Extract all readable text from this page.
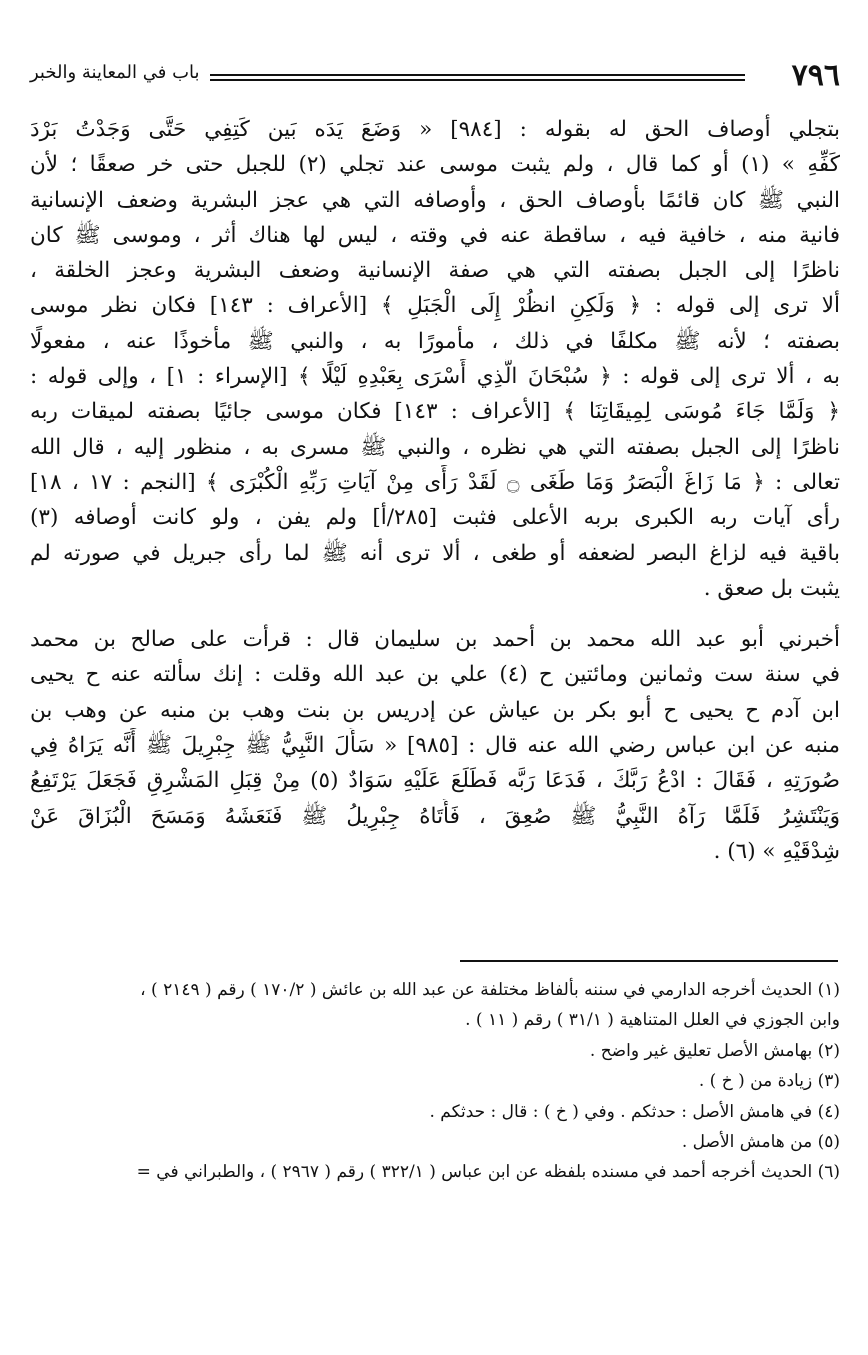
٧٩٦
باب في المعاينة والخبر
بتجلي أوصاف الحق له بقوله : [٩٨٤] « وَضَعَ يَدَه بَين كَتِفِي حَتَّى وَجَدْتُ بَرْدَ
كَفِّهِ » (١) أو كما قال ، ولم يثبت موسى عند تجلي (٢) للجبل حتى خر صعقًا ؛ لأن
النبي ﷺ كان قائمًا بأوصاف الحق ، وأوصافه التي هي عجز البشرية وضعف الإنسانية
فانية منه ، خافية فيه ، ساقطة عنه في وقته ، ليس لها هناك أثر ، وموسى ﷺ كان
ناظرًا إلى الجبل بصفته التي هي صفة الإنسانية وضعف البشرية وعجز الخلقة ،
ألا ترى إلى قوله : ﴿ وَلَكِنِ انظُرْ إِلَى الْجَبَلِ ﴾ [الأعراف : ١٤٣] فكان نظر موسى
بصفته ؛ لأنه ﷺ مكلفًا في ذلك ، مأمورًا به ، والنبي ﷺ مأخوذًا عنه ، مفعولًا
به ، ألا ترى إلى قوله : ﴿ سُبْحَانَ الَّذِي أَسْرَى بِعَبْدِهِ لَيْلًا ﴾ [الإسراء : ١] ، وإلى قوله :
﴿ وَلَمَّا جَاءَ مُوسَى لِمِيقَاتِنَا ﴾ [الأعراف : ١٤٣] فكان موسى جائيًا بصفته لميقات ربه
ناظرًا إلى الجبل بصفته التي هي نظره ، والنبي ﷺ مسرى به ، منظور إليه ، قال الله
تعالى : ﴿ مَا زَاغَ الْبَصَرُ وَمَا طَغَى ۝ لَقَدْ رَأَى مِنْ آيَاتِ رَبِّهِ الْكُبْرَى ﴾ [النجم : ١٧ ، ١٨]
رأى آيات ربه الكبرى بربه الأعلى فثبت [٢٨٥/أ] ولم يفن ، ولو كانت أوصافه (٣)
باقية فيه لزاغ البصر لضعفه أو طغى ، ألا ترى أنه ﷺ لما رأى جبريل في صورته لم
يثبت بل صعق .
أخبرني أبو عبد الله محمد بن أحمد بن سليمان قال : قرأت على صالح بن محمد
في سنة ست وثمانين ومائتين ح (٤) علي بن عبد الله وقلت : إنك سألته عنه ح يحيى
ابن آدم ح يحيى ح أبو بكر بن عياش عن إدريس بن بنت وهب بن منبه عن وهب بن
منبه عن ابن عباس رضي الله عنه قال : [٩٨٥] « سَأَلَ النَّبِيُّ ﷺ جِبْرِيلَ ﷺ أَنَّه يَرَاهُ فِي
صُورَتِهِ ، فَقَالَ : ادْعُ رَبَّكَ ، فَدَعَا رَبَّه فَطَلَعَ عَلَيْهِ سَوَادٌ (٥) مِنْ قِبَلِ المَشْرِقِ فَجَعَلَ يَرْتَفِعُ
وَيَنْتَشِرُ فَلَمَّا رَآهُ النَّبِيُّ ﷺ صُعِقَ ، فَأَتَاهُ جِبْرِيلُ ﷺ فَنَعَشَهُ وَمَسَحَ الْبُزَاقَ عَنْ
شِدْقَيْهِ » (٦) .
(١) الحديث أخرجه الدارمي في سننه بألفاظ مختلفة عن عبد الله بن عائش ( ١٧٠/٢ ) رقم ( ٢١٤٩ ) ،
وابن الجوزي في العلل المتناهية ( ٣١/١ ) رقم ( ١١ ) .
(٢) بهامش الأصل تعليق غير واضح .
(٣) زيادة من ( خ ) .
(٤) في هامش الأصل : حدثكم . وفي ( خ ) : قال : حدثكم .
(٥) من هامش الأصل .
(٦) الحديث أخرجه أحمد في مسنده بلفظه عن ابن عباس ( ٣٢٢/١ ) رقم ( ٢٩٦٧ ) ، والطبراني في =
